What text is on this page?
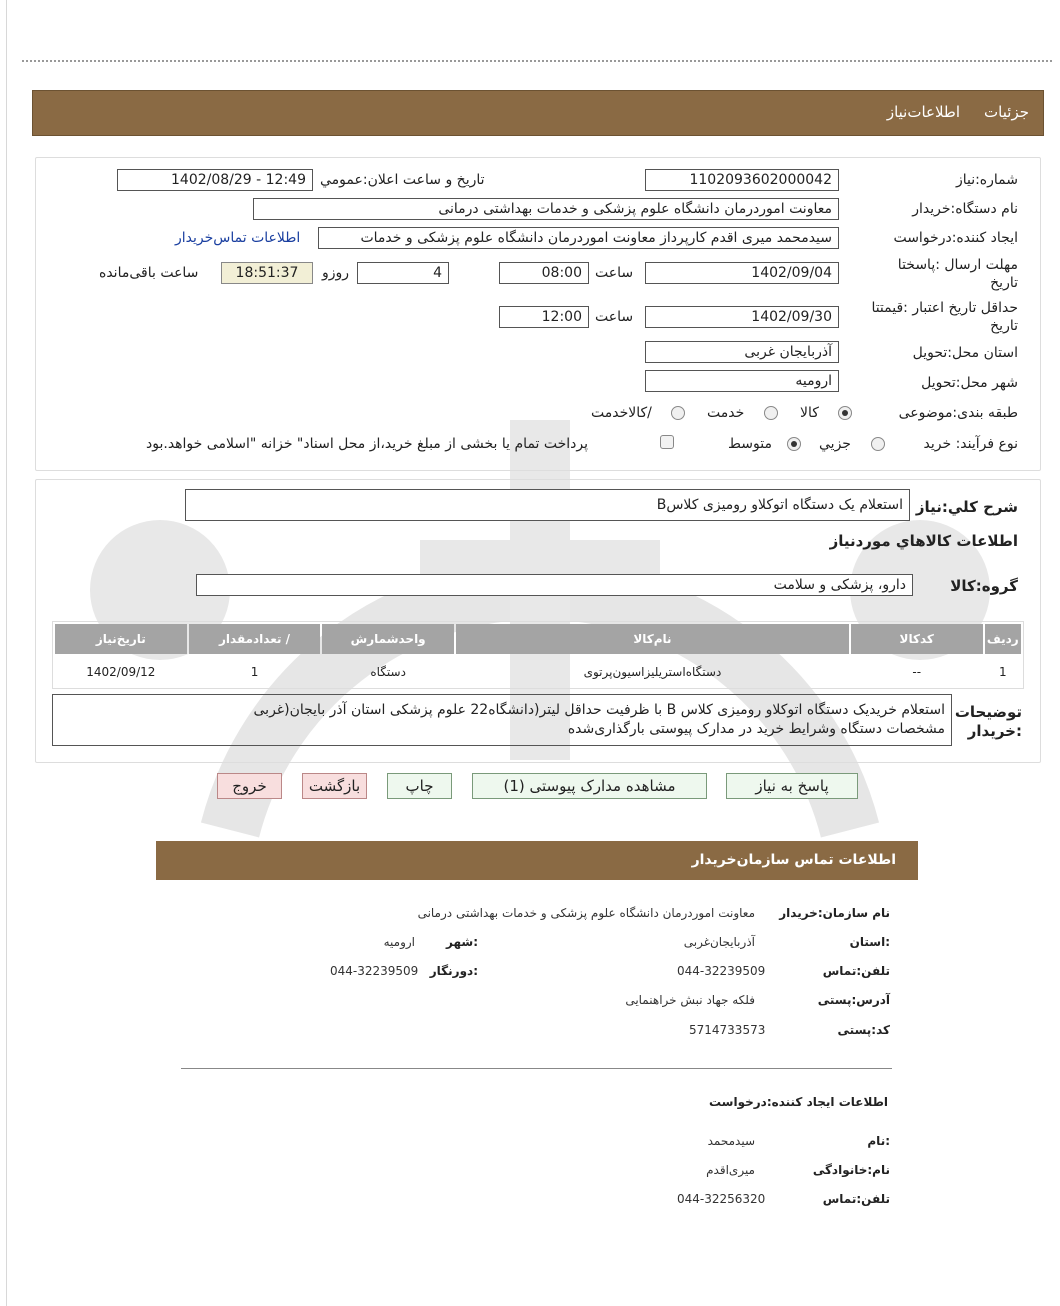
جزئیات
اطلاعات‌نیاز
شماره:نیاز
1102093602000042
تاریخ و ساعت اعلان:عمومي
1402/08/29 - 12:49
نام دستگاه:خریدار
معاونت اموردرمان دانشگاه علوم پزشکی و خدمات بهداشتی درمانی
ایجاد کننده:درخواست
سیدمحمد میری اقدم کارپرداز معاونت اموردرمان دانشگاه علوم پزشکی و خدمات
اطلاعات تماس‌خریدار
مهلت ارسال :پاسختا تاریخ
1402/09/04
ساعت
08:00
4
روزو
18:51:37
ساعت باقی‌مانده
حداقل تاریخ اعتبار :قیمتتا تاریخ
1402/09/30
ساعت
12:00
استان محل:تحویل
آذربایجان غربی
شهر محل:تحویل
ارومیه
طبقه بندی:موضوعی
کالا
خدمت
/کالاخدمت
نوع فرآیند: خرید
جزیي
متوسط
پرداخت تمام یا بخشی از مبلغ خرید،از محل اسناد" خزانه "اسلامی خواهد.بود
شرح کلي:نیاز
استعلام یک دستگاه اتوکلاو رومیزی کلاسB
اطلاعات کالاهاي موردنیاز
گروه:کالا
دارو، پزشکی و سلامت
ردیف	کدکالا	نام‌کالا	واحدشمارش	/ تعدادمقدار	تاریخ‌نیاز
1	--	دستگاه‌استریلیزاسیون‌پرتوی	دستگاه	1	1402/09/12
توضیحات :خریدار
استعلام خریدیک دستگاه اتوکلاو رومیزی کلاس B با ظرفیت حداقل لیتر(دانشگاه22 علوم پزشکی استان آذر بایجان(غربی
مشخصات دستگاه وشرایط خرید در مدارک پیوستی بارگذاری‌شده
پاسخ به نیاز
مشاهده مدارک پیوستی (1)
چاپ
بازگشت
خروج
اطلاعات تماس سازمان‌خریدار
نام سازمان:خریدار
معاونت اموردرمان دانشگاه علوم پزشکی و خدمات بهداشتی درمانی
:استان
آذربایجان‌غربی
:شهر
ارومیه
تلفن:تماس
044-32239509
:دورنگار
044-32239509
آدرس:پستی
فلکه جهاد نبش خراهنمایی
کد:پستی
5714733573
اطلاعات ایجاد کننده:درخواست
:نام
سیدمحمد
نام:خانوادگی
میری‌اقدم
تلفن:تماس
044-32256320
